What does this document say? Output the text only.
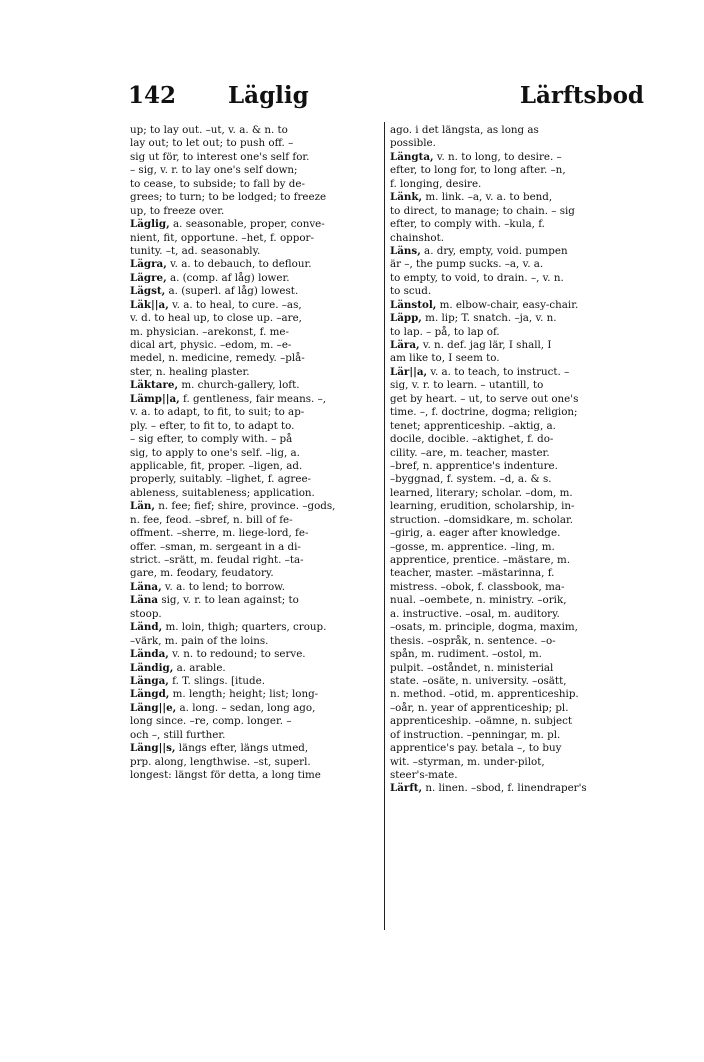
142 Läglig	Lärftsbod
up; to lay out. –ut, v. a. & n. to
lay out; to let out; to push off. –
sig ut för, to interest one's self for.
– sig, v. r. to lay one's self down;
to cease, to subside; to fall by de-
grees; to turn; to be lodged; to freeze
up, to freeze over.
Läglig, a. seasonable, proper, conve-
nient, fit, opportune. –het, f. oppor-
tunity. –t, ad. seasonably.
Lägra, v. a. to debauch, to deflour.
Lägre, a. (comp. af låg) lower.
Lägst, a. (superl. af låg) lowest.
Läk||a, v. a. to heal, to cure. –as,
v. d. to heal up, to close up. –are,
m. physician. –arekonst, f. me-
dical art, physic. –edom, m. –e-
medel, n. medicine, remedy. –plå-
ster, n. healing plaster.
Läktare, m. church-gallery, loft.
Lämp||a, f. gentleness, fair means. –,
v. a. to adapt, to fit, to suit; to ap-
ply. – efter, to fit to, to adapt to.
– sig efter, to comply with. – på
sig, to apply to one's self. –lig, a.
applicable, fit, proper. –ligen, ad.
properly, suitably. –lighet, f. agree-
ableness, suitableness; application.
Län, n. fee; fief; shire, province. –gods,
n. fee, feod. –sbref, n. bill of fe-
offment. –sherre, m. liege-lord, fe-
offer. –sman, m. sergeant in a di-
strict. –srätt, m. feudal right. –ta-
gare, m. feodary, feudatory.
Läna, v. a. to lend; to borrow.
Läna sig, v. r. to lean against; to
stoop.
Länd, m. loin, thigh; quarters, croup.
–värk, m. pain of the loins.
Lända, v. n. to redound; to serve.
Ländig, a. arable.
Länga, f. T. slings. [itude.
Längd, m. length; height; list; long-
Läng||e, a. long. – sedan, long ago,
long since. –re, comp. longer. –
och –, still further.
Läng||s, längs efter, längs utmed,
prp. along, lengthwise. –st, superl.
longest: längst för detta, a long time
ago. i det längsta, as long as
possible.
Längta, v. n. to long, to desire. –
efter, to long for, to long after. –n,
f. longing, desire.
Länk, m. link. –a, v. a. to bend,
to direct, to manage; to chain. – sig
efter, to comply with. –kula, f.
chainshot.
Läns, a. dry, empty, void. pumpen
är –, the pump sucks. –a, v. a.
to empty, to void, to drain. –, v. n.
to scud.
Länstol, m. elbow-chair, easy-chair.
Läpp, m. lip; T. snatch. –ja, v. n.
to lap. – på, to lap of.
Lära, v. n. def. jag lär, I shall, I
am like to, I seem to.
Lär||a, v. a. to teach, to instruct. –
sig, v. r. to learn. – utantill, to
get by heart. – ut, to serve out one's
time. –, f. doctrine, dogma; religion;
tenet; apprenticeship. –aktig, a.
docile, docible. –aktighet, f. do-
cility. –are, m. teacher, master.
–bref, n. apprentice's indenture.
–byggnad, f. system. –d, a. & s.
learned, literary; scholar. –dom, m.
learning, erudition, scholarship, in-
struction. –domsidkare, m. scholar.
–girig, a. eager after knowledge.
–gosse, m. apprentice. –ling, m.
apprentice, prentice. –mästare, m.
teacher, master. –mästarinna, f.
mistress. –obok, f. classbook, ma-
nual. –oembete, n. ministry. –orik,
a. instructive. –osal, m. auditory.
–osats, m. principle, dogma, maxim,
thesis. –ospråk, n. sentence. –o-
spån, m. rudiment. –ostol, m.
pulpit. –oståndet, n. ministerial
state. –osäte, n. university. –osätt,
n. method. –otid, m. apprenticeship.
–oår, n. year of apprenticeship; pl.
apprenticeship. –oämne, n. subject
of instruction. –penningar, m. pl.
apprentice's pay. betala –, to buy
wit. –styrman, m. under-pilot,
steer's-mate.
Lärft, n. linen. –sbod, f. linendraper's
